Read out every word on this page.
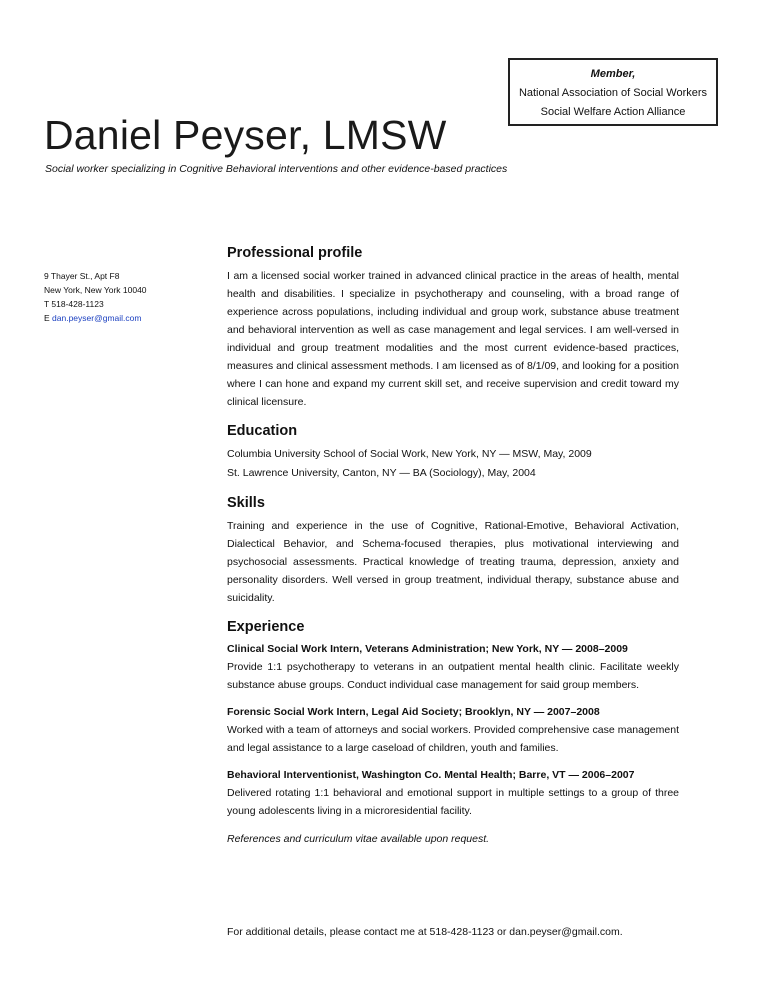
Member,
National Association of Social Workers
Social Welfare Action Alliance
Daniel Peyser, LMSW
Social worker specializing in Cognitive Behavioral interventions and other evidence-based practices
9 Thayer St., Apt F8
New York, New York 10040
T 518-428-1123
E dan.peyser@gmail.com
Professional profile

I am a licensed social worker trained in advanced clinical practice in the areas of health, mental health and disabilities. I specialize in psychotherapy and counseling, with a broad range of experience across populations, including individual and group work, substance abuse treatment and behavioral intervention as well as case management and legal services. I am well-versed in individual and group treatment modalities and the most current evidence-based practices, measures and clinical assessment methods. I am licensed as of 8/1/09, and looking for a position where I can hone and expand my current skill set, and receive supervision and credit toward my clinical licensure.

Education

Columbia University School of Social Work, New York, NY — MSW, May, 2009

St. Lawrence University, Canton, NY — BA (Sociology), May, 2004

Skills

Training and experience in the use of Cognitive, Rational-Emotive, Behavioral Activation, Dialectical Behavior, and Schema-focused therapies, plus motivational interviewing and psychosocial assessments. Practical knowledge of treating trauma, depression, anxiety and personality disorders. Well versed in group treatment, individual therapy, substance abuse and suicidality.

Experience
Clinical Social Work Intern, Veterans Administration; New York, NY — 2008–2009

Provide 1:1 psychotherapy to veterans in an outpatient mental health clinic. Facilitate weekly substance abuse groups. Conduct individual case management for said group members.

Forensic Social Work Intern, Legal Aid Society; Brooklyn, NY — 2007–2008

Worked with a team of attorneys and social workers. Provided comprehensive case management and legal assistance to a large caseload of children, youth and families.

Behavioral Interventionist, Washington Co. Mental Health; Barre, VT — 2006–2007

Delivered rotating 1:1 behavioral and emotional support in multiple settings to a group of three young adolescents living in a microresidential facility.

References and curriculum vitae available upon request.
For additional details, please contact me at 518-428-1123 or dan.peyser@gmail.com.
